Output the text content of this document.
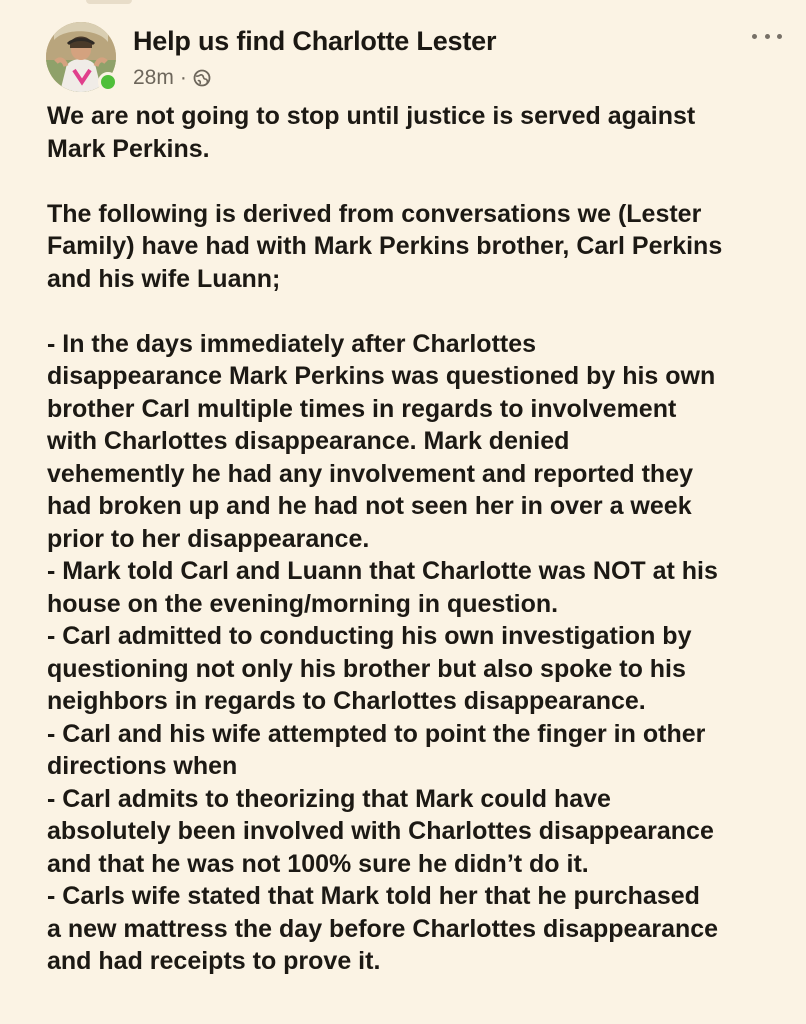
Help us find Charlotte Lester
28m ·

We are not going to stop until justice is served against

Mark Perkins.

The following is derived from conversations we (Lester

Family) have had with Mark Perkins brother, Carl Perkins

and his wife Luann;

- In the days immediately after Charlottes

disappearance Mark Perkins was questioned by his own

brother Carl multiple times in regards to involvement

with Charlottes disappearance. Mark denied

vehemently he had any involvement and reported they

had broken up and he had not seen her in over a week

prior to her disappearance.

- Mark told Carl and Luann that Charlotte was NOT at his

house on the evening/morning in question.

- Carl admitted to conducting his own investigation by

questioning not only his brother but also spoke to his

neighbors in regards to Charlottes disappearance.

- Carl and his wife attempted to point the finger in other

directions when

- Carl admits to theorizing that Mark could have

absolutely been involved with Charlottes disappearance

and that he was not 100% sure he didn’t do it.

- Carls wife stated that Mark told her that he purchased

a new mattress the day before Charlottes disappearance

and had receipts to prove it.
